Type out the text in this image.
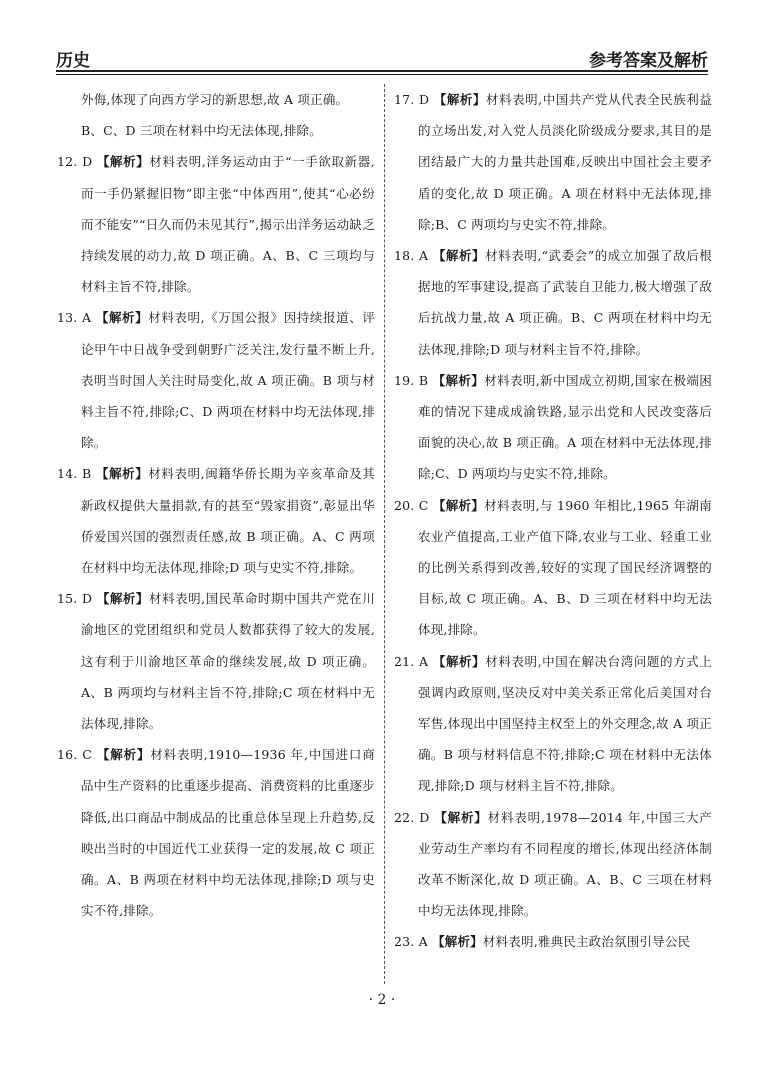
历史	参考答案及解析
外侮,体现了向西方学习的新思想,故 A 项正确。
B、C、D 三项在材料中均无法体现,排除。
12. D 【解析】材料表明,洋务运动由于“一手欲取新器,而一手仍紧握旧物”即主张“中体西用”,使其“心必纷而不能安”“日久而仍未见其行”,揭示出洋务运动缺乏持续发展的动力,故 D 项正确。A、B、C 三项均与材料主旨不符,排除。
13. A 【解析】材料表明,《万国公报》因持续报道、评论甲午中日战争受到朝野广泛关注,发行量不断上升,表明当时国人关注时局变化,故 A 项正确。B 项与材料主旨不符,排除;C、D 两项在材料中均无法体现,排除。
14. B 【解析】材料表明,闽籍华侨长期为辛亥革命及其新政权提供大量捐款,有的甚至“毁家捐资”,彰显出华侨爱国兴国的强烈责任感,故 B 项正确。A、C 两项在材料中均无法体现,排除;D 项与史实不符,排除。
15. D 【解析】材料表明,国民革命时期中国共产党在川渝地区的党团组织和党员人数都获得了较大的发展,这有利于川渝地区革命的继续发展,故 D 项正确。A、B 两项均与材料主旨不符,排除;C 项在材料中无法体现,排除。
16. C 【解析】材料表明,1910—1936 年,中国进口商品中生产资料的比重逐步提高、消费资料的比重逐步降低,出口商品中制成品的比重总体呈现上升趋势,反映出当时的中国近代工业获得一定的发展,故 C 项正确。A、B 两项在材料中均无法体现,排除;D 项与史实不符,排除。
17. D 【解析】材料表明,中国共产党从代表全民族利益的立场出发,对入党人员淡化阶级成分要求,其目的是团结最广大的力量共赴国难,反映出中国社会主要矛盾的变化,故 D 项正确。A 项在材料中无法体现,排除;B、C 两项均与史实不符,排除。
18. A 【解析】材料表明,“武委会”的成立加强了敌后根据地的军事建设,提高了武装自卫能力,极大增强了敌后抗战力量,故 A 项正确。B、C 两项在材料中均无法体现,排除;D 项与材料主旨不符,排除。
19. B 【解析】材料表明,新中国成立初期,国家在极端困难的情况下建成成渝铁路,显示出党和人民改变落后面貌的决心,故 B 项正确。A 项在材料中无法体现,排除;C、D 两项均与史实不符,排除。
20. C 【解析】材料表明,与 1960 年相比,1965 年湖南农业产值提高,工业产值下降,农业与工业、轻重工业的比例关系得到改善,较好的实现了国民经济调整的目标,故 C 项正确。A、B、D 三项在材料中均无法体现,排除。
21. A 【解析】材料表明,中国在解决台湾问题的方式上强调内政原则,坚决反对中美关系正常化后美国对台军售,体现出中国坚持主权至上的外交理念,故 A 项正确。B 项与材料信息不符,排除;C 项在材料中无法体现,排除;D 项与材料主旨不符,排除。
22. D 【解析】材料表明,1978—2014 年,中国三大产业劳动生产率均有不同程度的增长,体现出经济体制改革不断深化,故 D 项正确。A、B、C 三项在材料中均无法体现,排除。
23. A 【解析】材料表明,雅典民主政治氛围引导公民
· 2 ·
